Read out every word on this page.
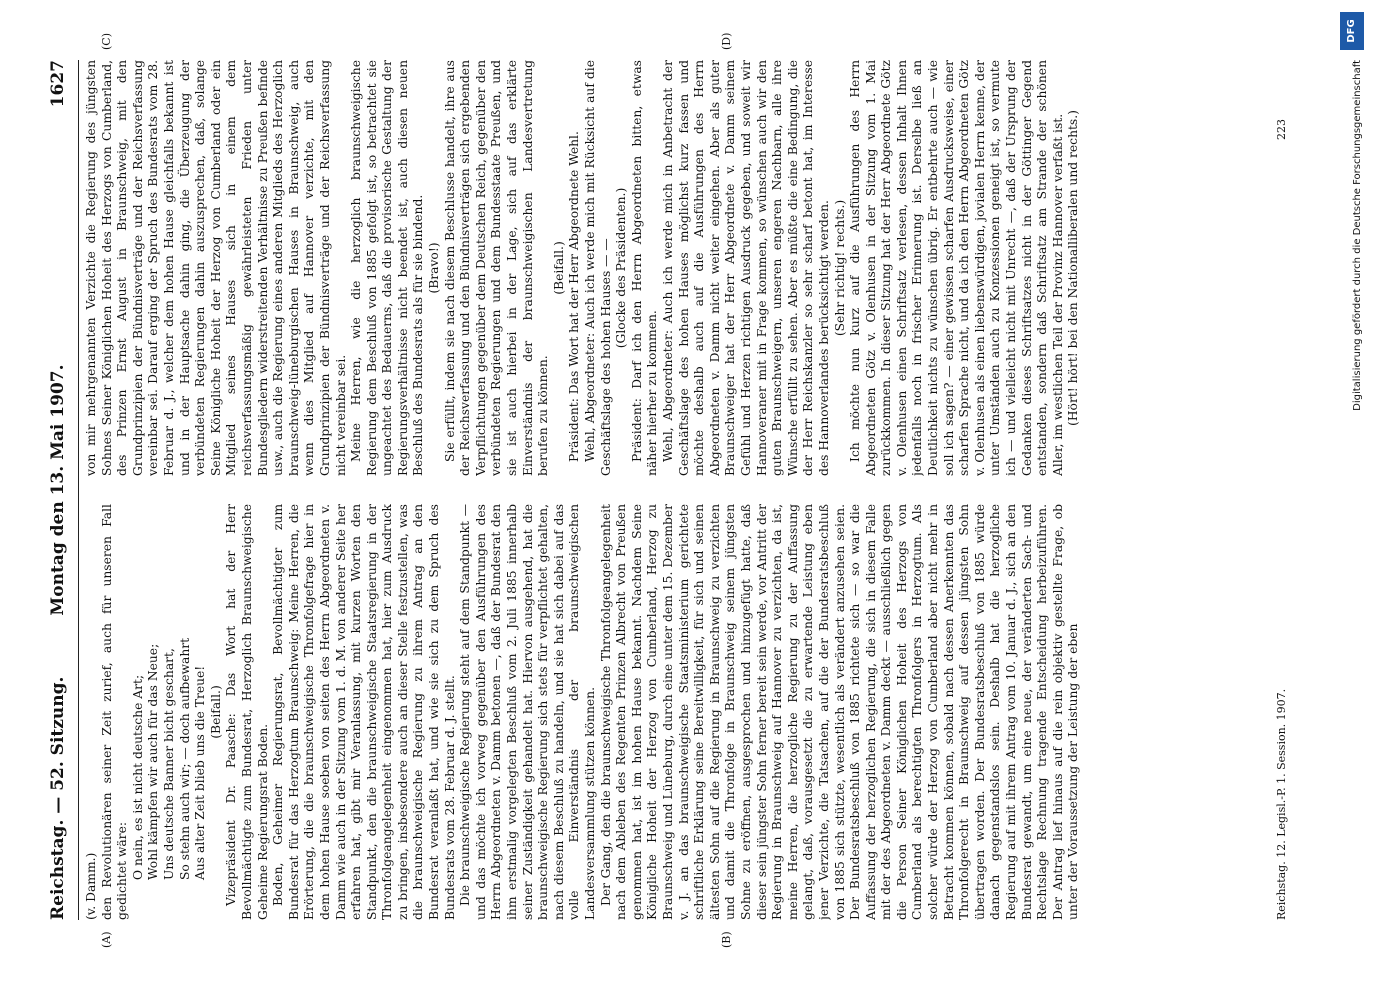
Reichstag. — 52. Sitzung.
Montag den 13. Mai 1907.
1627
(A)	(B)
(C)	(D)

(v. Damm.) den Revolutionären seiner Zeit zurief, auch für unseren Fall gedichtet wäre: O nein, es ist nicht deutsche Art; Wohl kämpfen wir auch für das Neue; Uns deutsche Banner bicht geschart, So stehn auch wir; — doch aufbewahrt Aus alter Zeit blieb uns die Treue! (Beifall.) Vizepräsident Dr. Paasche: Das Wort hat der Herr Bevollmächtigte zum Bundesrat, Herzoglich Braunschweigische Geheime Regierungsrat Boden. Boden, Geheimer Regierungsrat, Bevollmächtigter zum Bundesrat für das Herzogtum Braunschweig: Meine Herren, die Erörterung, die die braunschweigische Thronfolgefrage hier in dem hohen Hause soeben von seiten des Herrn Abgeordneten v. Damm wie auch in der Sitzung vom 1. d. M. von anderer Seite her erfahren hat, gibt mir Veranlassung, mit kurzen Worten den Standpunkt, den die braunschweigische Staatsregierung in der Thronfolgeangelegenheit eingenommen hat, hier zum Ausdruck zu bringen, insbesondere auch an dieser Stelle festzustellen, was die braunschweigische Regierung zu ihrem Antrag an den Bundesrat veranlaßt hat, und wie sie sich zu dem Spruch des Bundesrats vom 28. Februar d. J. stellt. Die braunschweigische Regierung steht auf dem Standpunkt — und das möchte ich vorweg gegenüber den Ausführungen des Herrn Abgeordneten v. Damm betonen —, daß der Bundesrat den ihm erstmalig vorgelegten Beschluß vom 2. Juli 1885 innerhalb seiner Zuständigkeit gehandelt hat. Hiervon ausgehend, hat die braunschweigische Regierung sich stets für verpflichtet gehalten, nach diesem Beschluß zu handeln, und sie hat sich dabei auf das volle Einverständnis der braunschweigischen Landesversammlung stützen können. Der Gang, den die braunschweigische Thronfolgeangelegenheit nach dem Ableben des Regenten Prinzen Albrecht von Preußen genommen hat, ist im hohen Hause bekannt. Nachdem Seine Königliche Hoheit der Herzog von Cumberland, Herzog zu Braunschweig und Lüneburg, durch eine unter dem 15. Dezember v. J. an das braunschweigische Staatsministerium gerichtete schriftliche Erklärung seine Bereitwilligkeit, für sich und seinen ältesten Sohn auf die Regierung in Braunschweig zu verzichten und damit die Thronfolge in Braunschweig seinem jüngsten Sohne zu eröffnen, ausgesprochen und hinzugefügt hatte, daß dieser sein jüngster Sohn ferner bereit sein werde, vor Antritt der Regierung in Braunschweig auf Hannover zu verzichten, da ist, meine Herren, die herzogliche Regierung zu der Auffassung gelangt, daß, vorausgesetzt die zu erwartende Leistung eben jener Verzichte, die Tatsachen, auf die der Bundesratsbeschluß von 1885 sich stützte, wesentlich als verändert anzusehen seien. Der Bundesratsbeschluß von 1885 richtete sich — so war die Auffassung der herzoglichen Regierung, die sich in diesem Falle mit der des Abgeordneten v. Damm deckt — ausschließlich gegen die Person Seiner Königlichen Hoheit des Herzogs von Cumberland als berechtigten Thronfolgers in Herzogtum. Als solcher würde der Herzog von Cumberland aber nicht mehr in Betracht kommen können, sobald nach dessen Anerkennten das Thronfolgerecht in Braunschweig auf dessen jüngsten Sohn übertragen worden. Der Bundesratsbeschluß von 1885 würde danach gegenstandslos sein. Deshalb hat die herzogliche Regierung auf mit ihrem Antrag vom 10. Januar d. J., sich an den Bundesrat gewandt, um eine neue, der veränderten Sach- und Rechtslage Rechnung tragende Entscheidung herbeizuführen. Der Antrag lief hinaus auf die rein objektiv gestellte Frage, ob unter der Voraussetzung der Leistung der eben

von mir mehrgenannten Verzichte die Regierung des jüngsten Sohnes Seiner Königlichen Hoheit des Herzogs von Cumberland, des Prinzen Ernst August in Braunschweig, mit den Grundprinzipien der Bündnisverträge und der Reichsverfassung vereinbar sei. Darauf erging der Spruch des Bundesrats vom 28. Februar d. J., welcher dem hohen Hause gleichfalls bekannt ist und in der Hauptsache dahin ging, die Überzeugung der verbündeten Regierungen dahin auszusprechen, daß, solange Seine Königliche Hoheit der Herzog von Cumberland oder ein Mitglied seines Hauses sich in einem dem reichsverfassungsmäßig gewährleisteten Frieden unter Bundesgliedern widerstreitenden Verhältnisse zu Preußen befinde usw., auch die Regierung eines anderen Mitglieds des Herzoglich braunschweig-lüneburgischen Hauses in Braunschweig, auch wenn dies Mitglied auf Hannover verzichte, mit den Grundprinzipien der Bündnisverträge und der Reichsverfassung nicht vereinbar sei. Meine Herren, wie die herzoglich braunschweigische Regierung dem Beschluß von 1885 gefolgt ist, so betrachtet sie ungeachtet des Bedauerns, daß die provisorische Gestaltung der Regierungsverhältnisse nicht beendet ist, auch diesen neuen Beschluß des Bundesrats als für sie bindend. (Bravo!) Sie erfüllt, indem sie nach diesem Beschlusse handelt, ihre aus der Reichsverfassung und den Bündnisverträgen sich ergebenden Verpflichtungen gegenüber dem Deutschen Reich, gegenüber den verbündeten Regierungen und dem Bundesstaate Preußen, und sie ist auch hierbei in der Lage, sich auf das erklärte Einverständnis der braunschweigischen Landesvertretung berufen zu können.

(Beifall.) Präsident: Das Wort hat der Herr Abgeordnete Wehl. Wehl, Abgeordneter: Auch ich werde mich mit Rücksicht auf die Geschäftslage des hohen Hauses — — (Glocke des Präsidenten.) Präsident: Darf ich den Herrn Abgeordneten bitten, etwas näher hierher zu kommen. Wehl, Abgeordneter: Auch ich werde mich in Anbetracht der Geschäftslage des hohen Hauses möglichst kurz fassen und möchte deshalb auch auf die Ausführungen des Herrn Abgeordneten v. Damm nicht weiter eingehen. Aber als guter Braunschweiger hat der Herr Abgeordnete v. Damm seinem Gefühl und Herzen richtigen Ausdruck gegeben, und soweit wir Hannoveraner mit in Frage kommen, so wünschen auch wir den guten Braunschweigern, unseren engeren Nachbarn, alle ihre Wünsche erfüllt zu sehen. Aber es müßte die eine Bedingung, die der Herr Reichskanzler so sehr scharf betont hat, im Interesse des Hannoverlandes berücksichtigt werden. (Sehr richtig! rechts.) Ich möchte nun kurz auf die Ausführungen des Herrn Abgeordneten Götz v. Olenhusen in der Sitzung vom 1. Mai zurückkommen. In dieser Sitzung hat der Herr Abgeordnete Götz v. Olenhusen einen Schriftsatz verlesen, dessen Inhalt Ihnen jedenfalls noch in frischer Erinnerung ist. Derselbe ließ an Deutlichkeit nichts zu wünschen übrig. Er entbehrte auch — wie soll ich sagen? — einer gewissen scharfen Ausdrucksweise, einer scharfen Sprache nicht, und da ich den Herrn Abgeordneten Götz v. Olenhusen als einen liebenswürdigen, jovialen Herrn kenne, der unter Umständen auch zu Konzessionen geneigt ist, so vermute ich — und vielleicht nicht mit Unrecht —, daß der Ursprung der Gedanken dieses Schriftsatzes nicht in der Göttinger Gegend entstanden, sondern daß Schriftsatz am Strande der schönen Aller, im westlichen Teil der Provinz Hannover verfaßt ist. (Hört! hört! bei den Nationalliberalen und rechts.)

Reichstag. 12. Legisl.-P. 1. Session. 1907.
223	Digitalisierung gefördert durch die Deutsche Forschungsgemeinschaft
DFG
